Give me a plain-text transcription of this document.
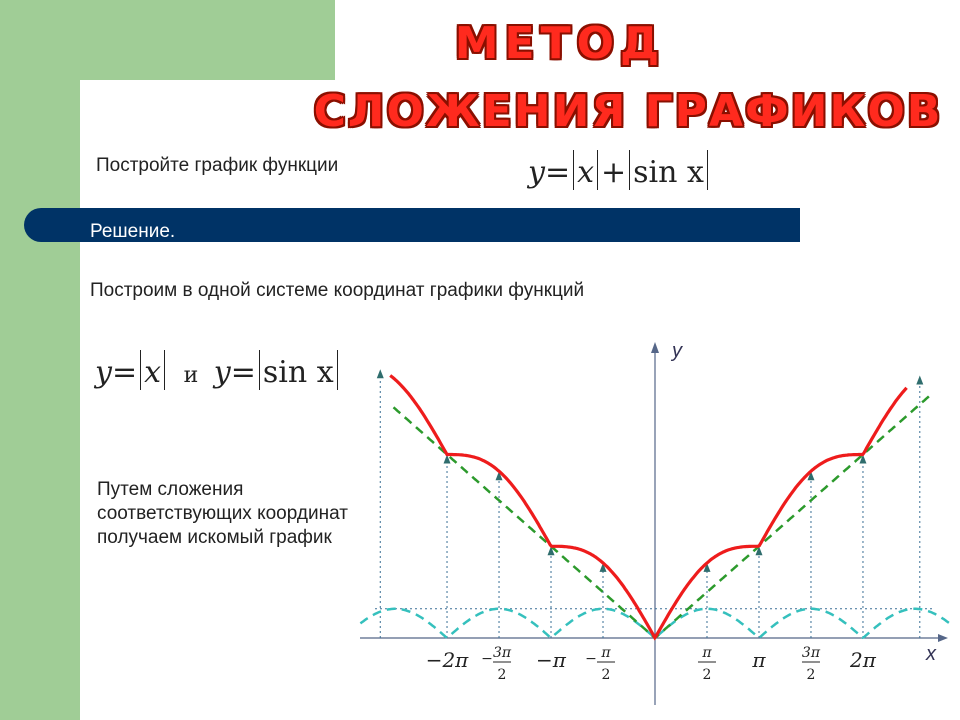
МЕТОД
СЛОЖЕНИЯ ГРАФИКОВ
Постройте график функции	y= x + sin x
Решение.
Построим в одной системе координат графики функций
y= x и y= sin x
Путем сложения соответствующих координат получаем искомый график
y
x
−2π − 3π
2
−π − π
2
π
2
π	3π
2
2π
